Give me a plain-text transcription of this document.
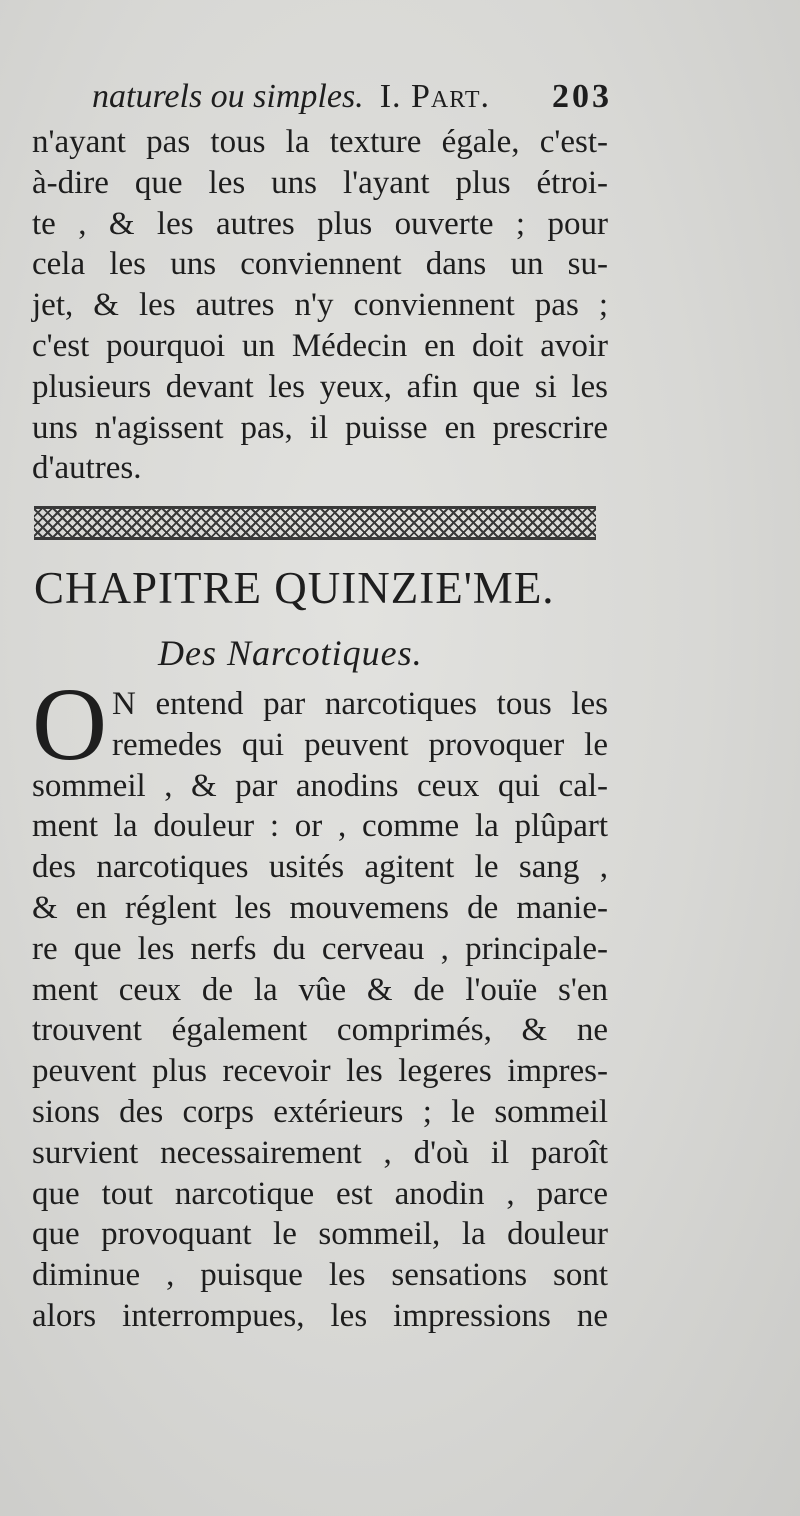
naturels ou simples. I. Part. 203
n'ayant pas tous la texture égale, c'est-
à-dire que les uns l'ayant plus étroi-
te , & les autres plus ouverte ; pour
cela les uns conviennent dans un su-
jet, & les autres n'y conviennent pas ;
c'est pourquoi un Médecin en doit avoir
plusieurs devant les yeux, afin que si les
uns n'agissent pas, il puisse en prescrire
d'autres.
CHAPITRE QUINZIE'ME.
Des Narcotiques.
O N entend par narcotiques tous les
remedes qui peuvent provoquer le
sommeil , & par anodins ceux qui cal-
ment la douleur : or , comme la plûpart
des narcotiques usités agitent le sang ,
& en réglent les mouvemens de manie-
re que les nerfs du cerveau , principale-
ment ceux de la vûe & de l'ouïe s'en
trouvent également comprimés, & ne
peuvent plus recevoir les legeres impres-
sions des corps extérieurs ; le sommeil
survient necessairement , d'où il paroît
que tout narcotique est anodin , parce
que provoquant le sommeil, la douleur
diminue , puisque les sensations sont
alors interrompues, les impressions ne
